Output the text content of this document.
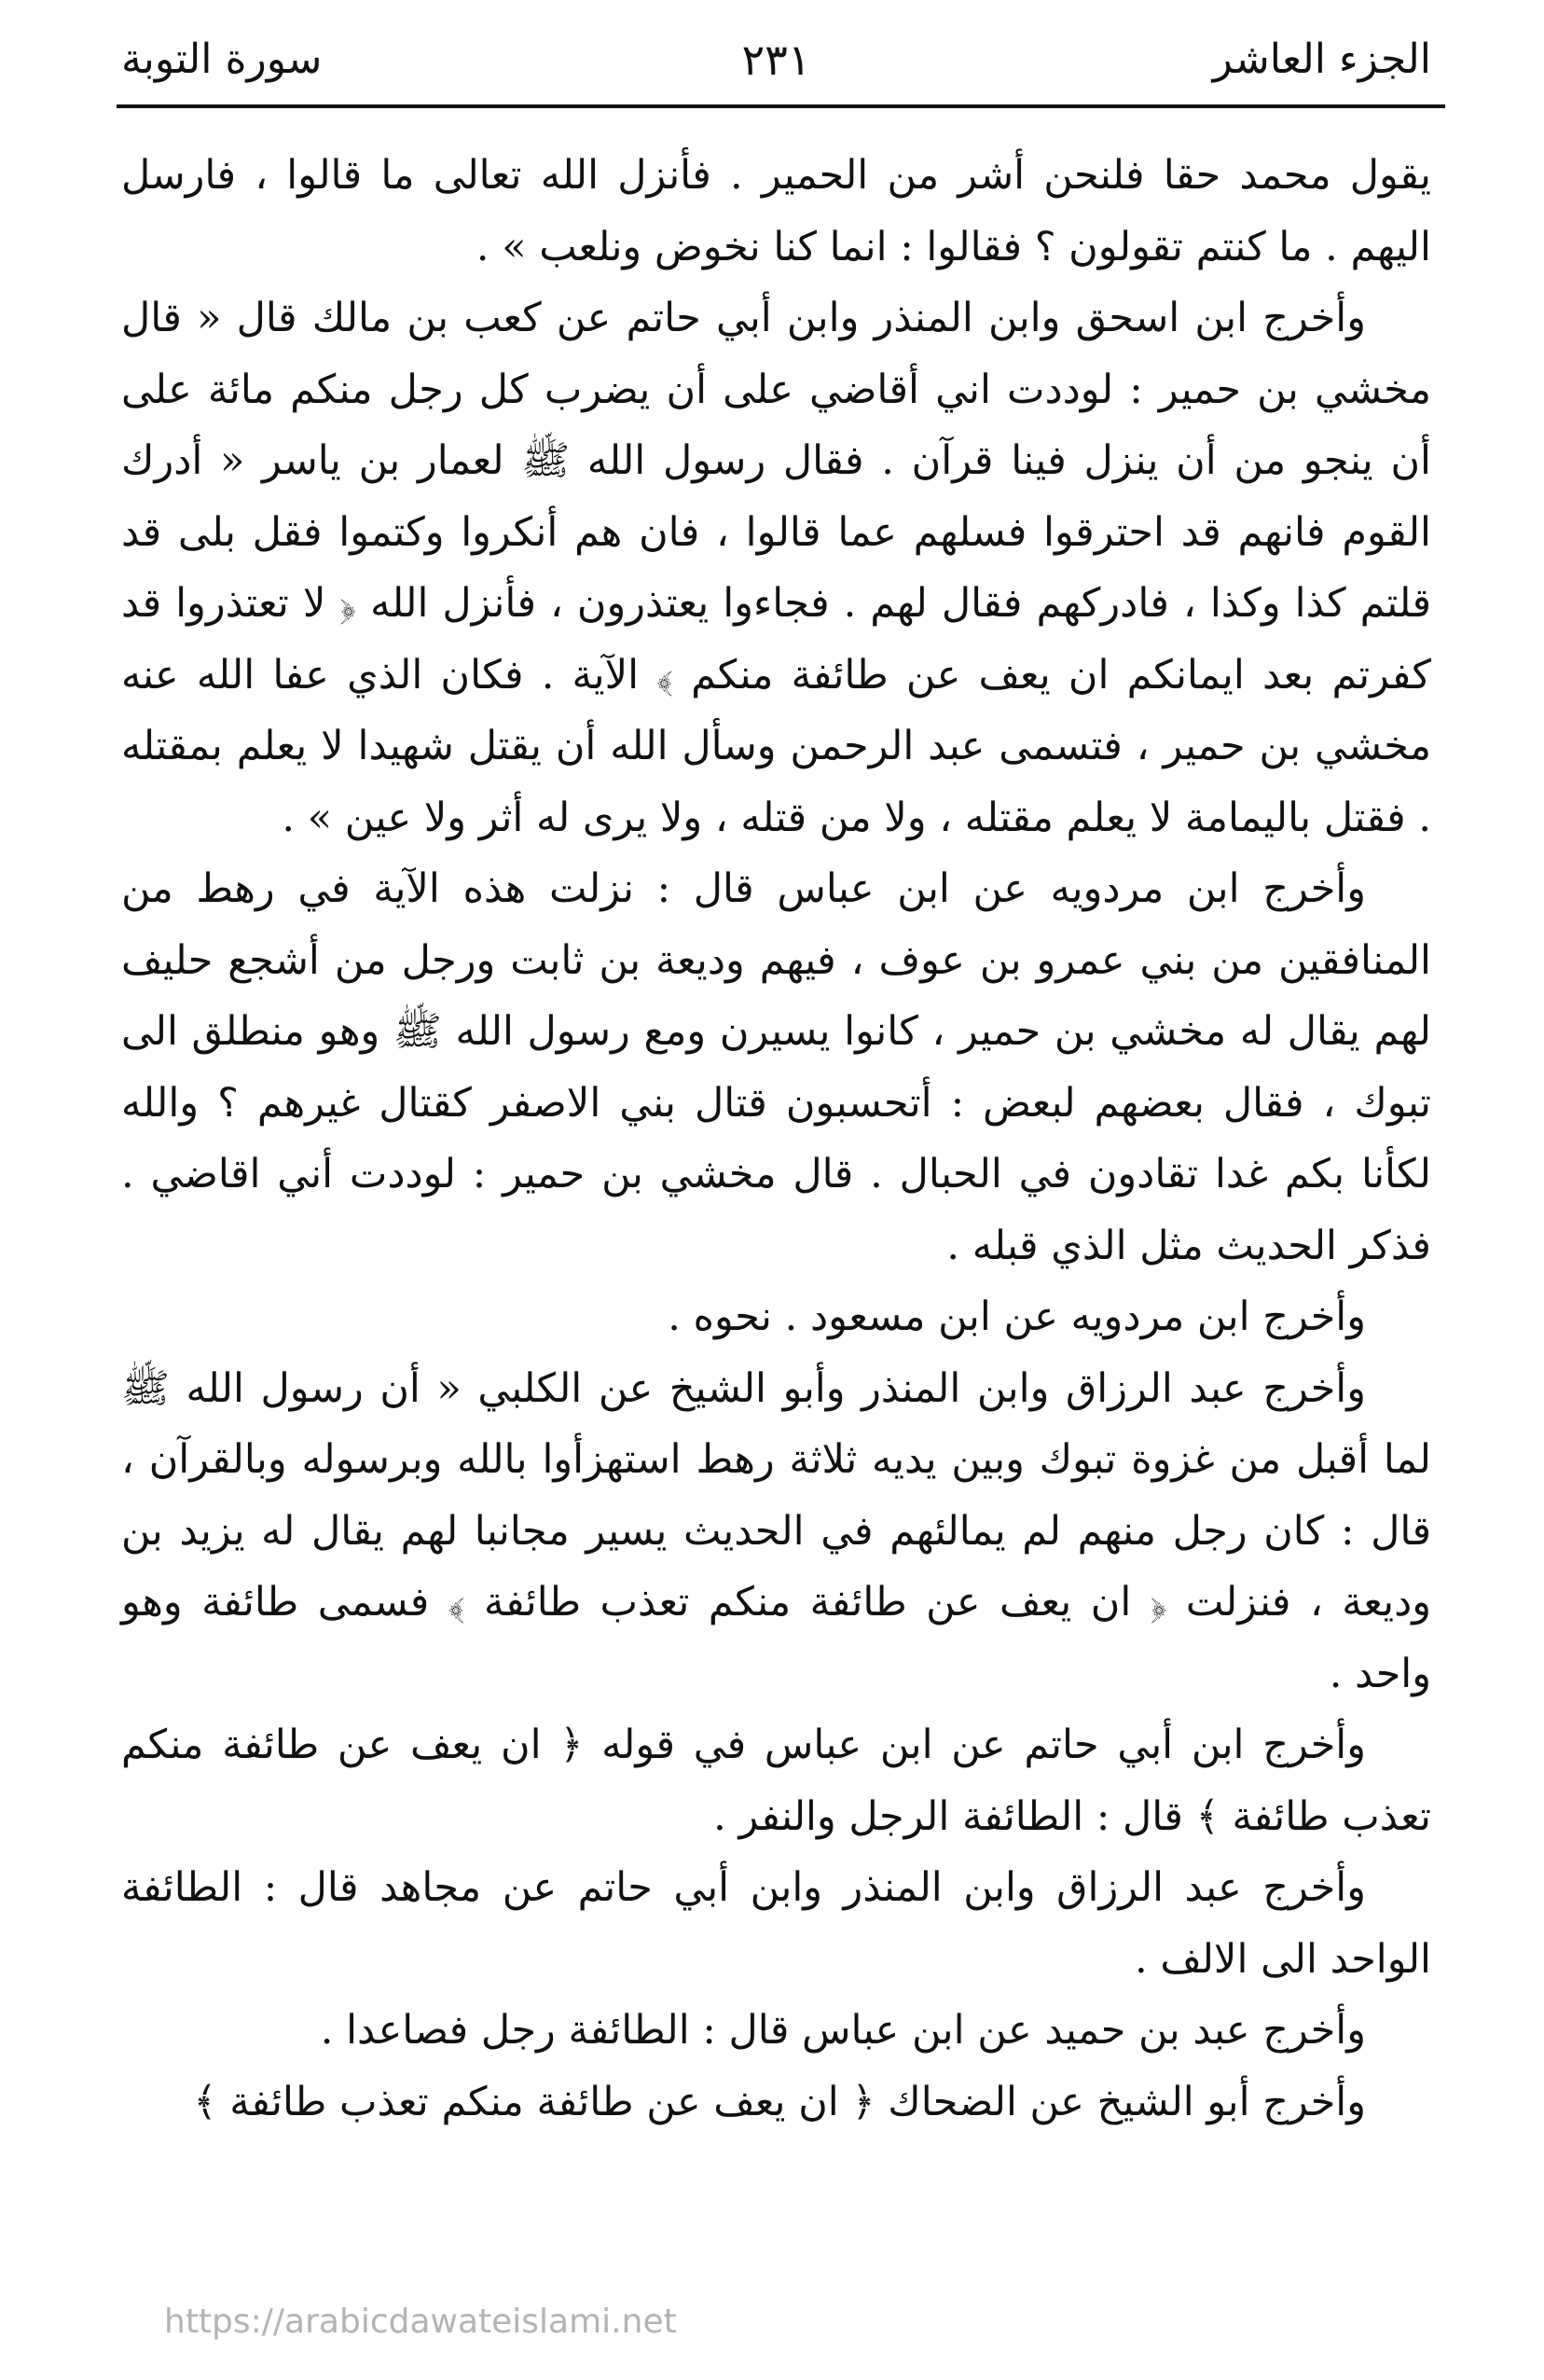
الجزء العاشر
٢٣١
سورة التوبة

يقول محمد حقا فلنحن أشر من الحمير . فأنزل الله تعالى ما قالوا ، فارسل اليهم . ما كنتم تقولون ؟ فقالوا : انما كنا نخوض ونلعب » .

وأخرج ابن اسحق وابن المنذر وابن أبي حاتم عن كعب بن مالك قال « قال مخشي بن حمير : لوددت اني أقاضي على أن يضرب كل رجل منكم مائة على أن ينجو من أن ينزل فينا قرآن . فقال رسول الله ﷺ لعمار بن ياسر « أدرك القوم فانهم قد احترقوا فسلهم عما قالوا ، فان هم أنكروا وكتموا فقل بلى قد قلتم كذا وكذا ، فادركهم فقال لهم . فجاءوا يعتذرون ، فأنزل الله ﴿ لا تعتذروا قد كفرتم بعد ايمانكم ان يعف عن طائفة منكم ﴾ الآية . فكان الذي عفا الله عنه مخشي بن حمير ، فتسمى عبد الرحمن وسأل الله أن يقتل شهيدا لا يعلم بمقتله . فقتل باليمامة لا يعلم مقتله ، ولا من قتله ، ولا يرى له أثر ولا عين » .

وأخرج ابن مردويه عن ابن عباس قال : نزلت هذه الآية في رهط من المنافقين من بني عمرو بن عوف ، فيهم وديعة بن ثابت ورجل من أشجع حليف لهم يقال له مخشي بن حمير ، كانوا يسيرن ومع رسول الله ﷺ وهو منطلق الى تبوك ، فقال بعضهم لبعض : أتحسبون قتال بني الاصفر كقتال غيرهم ؟ والله لكأنا بكم غدا تقادون في الحبال . قال مخشي بن حمير : لوددت أني اقاضي . فذكر الحديث مثل الذي قبله .

وأخرج ابن مردويه عن ابن مسعود . نحوه .

وأخرج عبد الرزاق وابن المنذر وأبو الشيخ عن الكلبي « أن رسول الله ﷺ لما أقبل من غزوة تبوك وبين يديه ثلاثة رهط استهزأوا بالله وبرسوله وبالقرآن ، قال : كان رجل منهم لم يمالئهم في الحديث يسير مجانبا لهم يقال له يزيد بن وديعة ، فنزلت ﴿ ان يعف عن طائفة منكم تعذب طائفة ﴾ فسمى طائفة وهو واحد .

وأخرج ابن أبي حاتم عن ابن عباس في قوله ﴿ ان يعف عن طائفة منكم تعذب طائفة ﴾ قال : الطائفة الرجل والنفر .

وأخرج عبد الرزاق وابن المنذر وابن أبي حاتم عن مجاهد قال : الطائفة الواحد الى الالف .

وأخرج عبد بن حميد عن ابن عباس قال : الطائفة رجل فصاعدا .

وأخرج أبو الشيخ عن الضحاك ﴿ ان يعف عن طائفة منكم تعذب طائفة ﴾

https://arabicdawateislami.net
